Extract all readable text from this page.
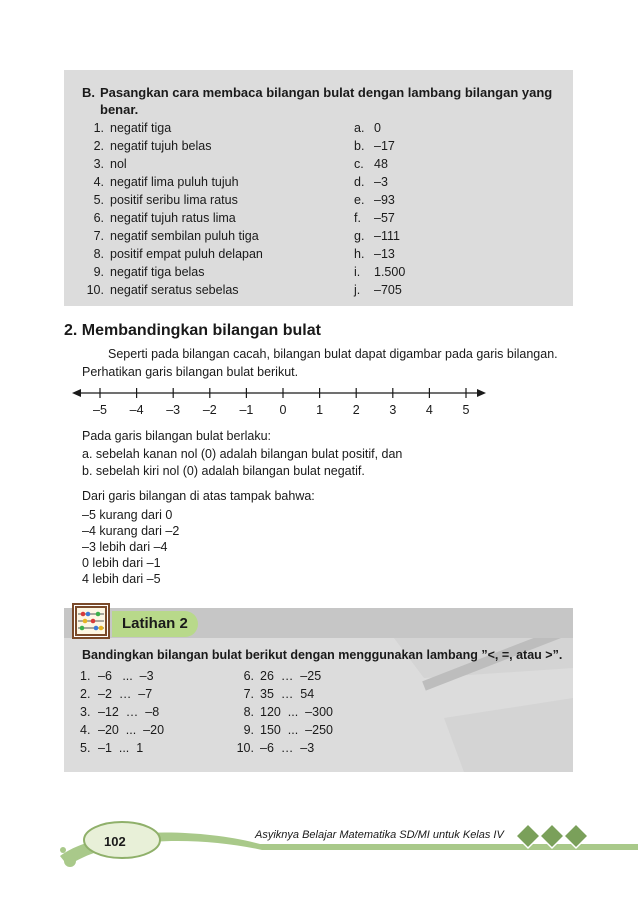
B. Pasangkan cara membaca bilangan bulat dengan lambang bilangan yang
benar.
1. negatif tiga
2. negatif tujuh belas
3. nol
4. negatif lima puluh tujuh
5. positif seribu lima ratus
6. negatif tujuh ratus lima
7. negatif sembilan puluh tiga
8. positif empat puluh delapan
9. negatif tiga belas
10. negatif seratus sebelas
a. 0
b. –17
c. 48
d. –3
e. –93
f. –57
g. –111
h. –13
i. 1.500
j. –705
2. Membandingkan bilangan bulat
Seperti pada bilangan cacah, bilangan bulat dapat digambar pada garis bilangan.
Perhatikan garis bilangan bulat berikut.
–5 –4 –3 –2 –1 0 1 2 3 4 5
Pada garis bilangan bulat berlaku:
a. sebelah kanan nol (0) adalah bilangan bulat positif, dan
b. sebelah kiri nol (0) adalah bilangan bulat negatif.
Dari garis bilangan di atas tampak bahwa:
–5 kurang dari 0
–4 kurang dari –2
–3 lebih dari –4
0 lebih dari –1
4 lebih dari –5
Latihan 2
Bandingkan bilangan bulat berikut dengan menggunakan lambang ”<, =, atau >”.
1. –6   ...  –3
2. –2  …  –7
3. –12  …  –8
4. –20  ...  –20
5. –1  ...  1
6. 26  …  –25
7. 35  …  54
8. 120  ...  –300
9. 150  ...  –250
10. –6  …  –3
102	Asyiknya Belajar Matematika SD/MI untuk Kelas IV
